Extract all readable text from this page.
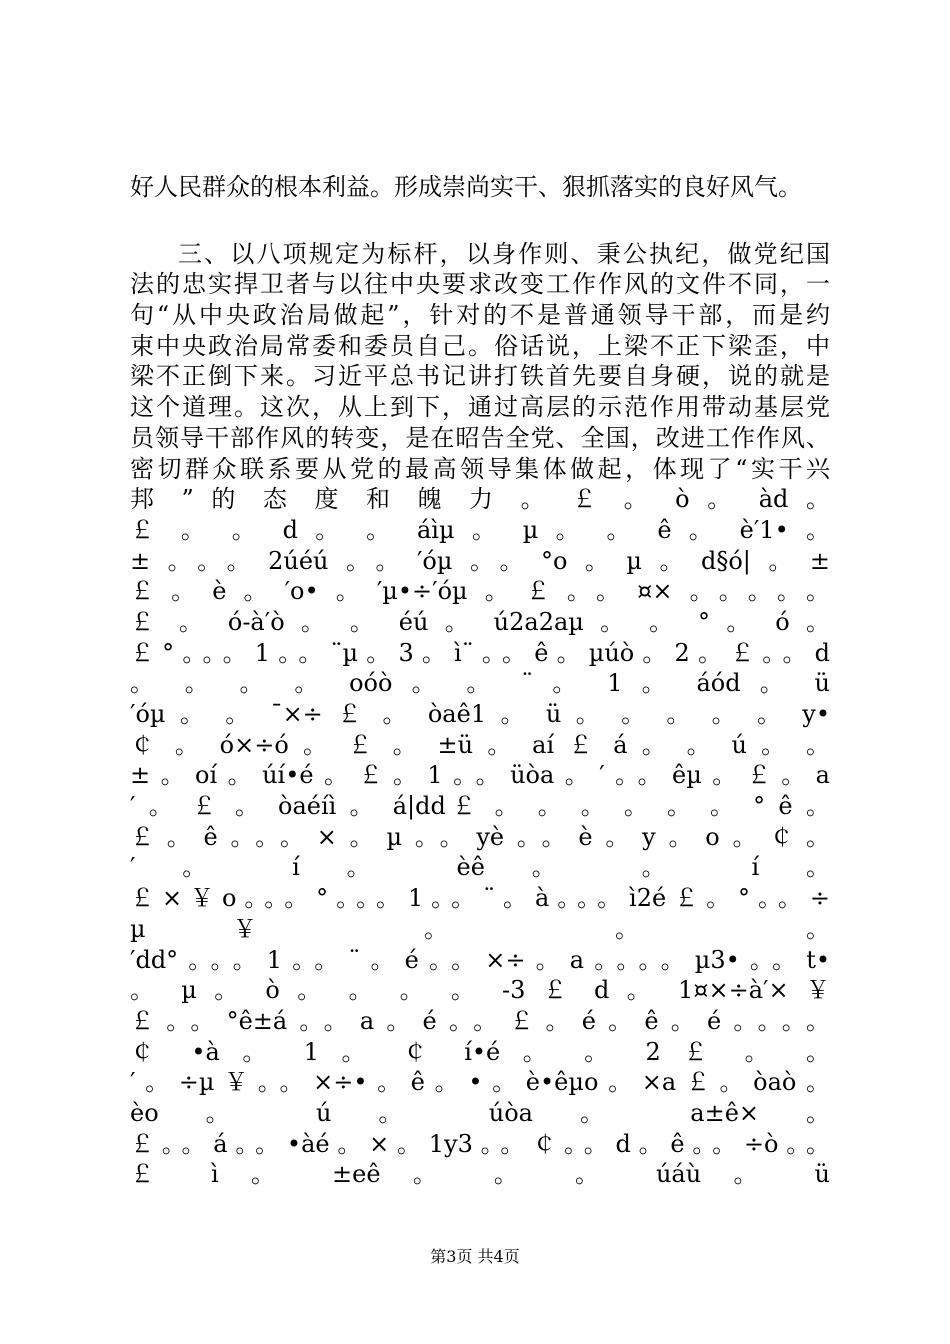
好人民群众的根本利益。形成崇尚实干、狠抓落实的良好风气。
三、以八项规定为标杆，以身作则、秉公执纪，做党纪国
法的忠实捍卫者与以往中央要求改变工作作风的文件不同，一
句“从中央政治局做起”，针对的不是普通领导干部，而是约
束中央政治局常委和委员自己。俗话说，上梁不正下梁歪，中
梁不正倒下来。习近平总书记讲打铁首先要自身硬，说的就是
这个道理。这次，从上到下，通过高层的示范作用带动基层党
员领导干部作风的转变，是在昭告全党、全国，改进工作作风、
密切群众联系要从党的最高领导集体做起，体现了“实干兴
邦 ” 的 态 度 和 魄 力 。 ￡ 。 ò 。 àd 。
￡ 。 。 d 。 。 áìµ 。 µ 。 。 ê 。 è′1• 。
±。。。2úéú。。′óµ。。°o。µ。d§ó|。±
￡。è。′o•。′µ•÷′óµ。￡。。¤×。。。。。
￡ 。 ó-à′ò 。 。 éú 。 ú2a2aµ 。 。 ° 。 ó 。
￡°。。。1。。¨µ。3。ì¨。。ê。µúò。2。￡。。d
。 。 。 。 oóò 。 。 ¨ 。 1 。 áód 。 ü
′óµ 。 。 ¯×÷ ￡ 。 òaê1 。 ü 。 。 。 。 。 y•
￠ 。 ó×÷ó 。 ￡ 。 ±ü 。 aí ￡ á 。 。 ú 。 。
±。oí。úí•é。￡。1。。üòa。′。。êµ。￡。a
′ 。 ￡ 。 òaéíì 。 á|dd￡ 。 。 。 。 。 。 ° ê 。
￡。ê。。。×。µ。。yè。。è。y。o。￠。
′ 。 í 。 èê 。 。 í 。
￡×￥o。。。°。。。1。。¨。à。。。ì2é￡。°。。÷
µ ￥ 。 。 。
′dd°。。。1。。¨。é。。×÷。a。。。。µ3•。。t•
。 µ 。 ò 。 。 。 。 -3 ￡ d 。 1¤×÷à′× ￥
￡。。°ê±á。。a。é。。￡。é。ê。é。。。。
￠ •à 。 1 。 ￠ í•é 。 。 2 ￡ 。 。
′。÷µ￥。。×÷•。ê。•。è•êµo。×a￡。òaò。
èo 。 ú 。 úòa 。 a±ê× 。
￡。。á。。•àé。×。1y3。。￠。。d。ê。。÷ò。。
￡ ì 。 ±eê 。 。 。 úáù 。 ü
第3页 共4页
